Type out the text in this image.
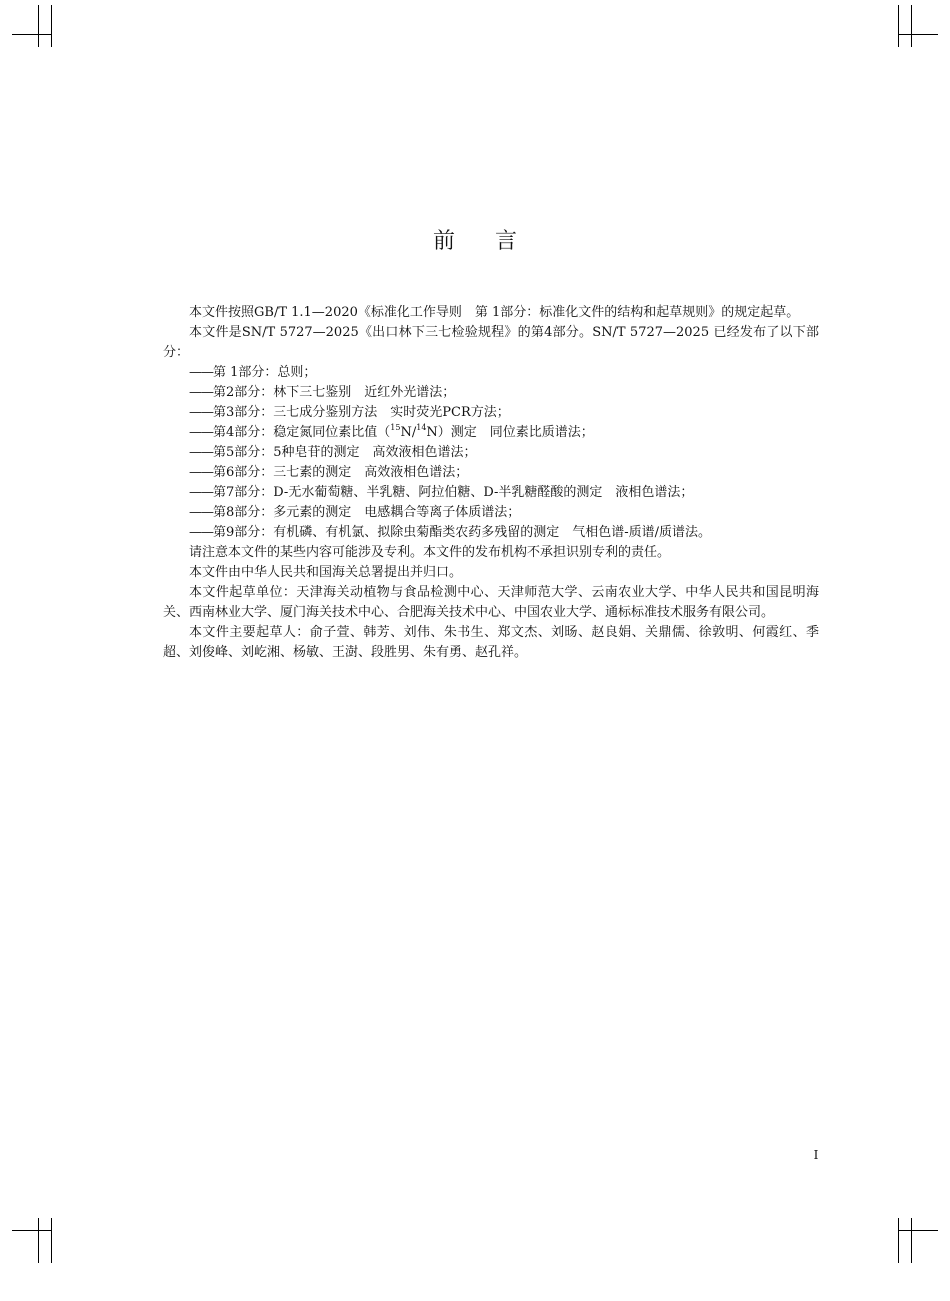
前 言

本文件按照GB/T 1.1—2020《标准化工作导则　第 1部分：标准化文件的结构和起草规则》的规定起草。

本文件是SN/T 5727—2025《出口林下三七检验规程》的第4部分。SN/T 5727—2025 已经发布了以下部分：

——第 1部分：总则；

——第2部分：林下三七鉴别　近红外光谱法；

——第3部分：三七成分鉴别方法　实时荧光PCR方法；

——第4部分：稳定氮同位素比值（$^{15}$N/$^{14}$N）测定　同位素比质谱法；

——第5部分：5种皂苷的测定　高效液相色谱法；

——第6部分：三七素的测定　高效液相色谱法；

——第7部分：D-无水葡萄糖、半乳糖、阿拉伯糖、D-半乳糖醛酸的测定　液相色谱法；

——第8部分：多元素的测定　电感耦合等离子体质谱法；

——第9部分：有机磷、有机氯、拟除虫菊酯类农药多残留的测定　气相色谱-质谱/质谱法。

请注意本文件的某些内容可能涉及专利。本文件的发布机构不承担识别专利的责任。

本文件由中华人民共和国海关总署提出并归口。

本文件起草单位：天津海关动植物与食品检测中心、天津师范大学、云南农业大学、中华人民共和国昆明海关、西南林业大学、厦门海关技术中心、合肥海关技术中心、中国农业大学、通标标准技术服务有限公司。

本文件主要起草人：俞子萱、韩芳、刘伟、朱书生、郑文杰、刘旸、赵良娟、关鼎儒、徐敦明、何霞红、季超、刘俊峰、刘屹湘、杨敏、王澍、段胜男、朱有勇、赵孔祥。

I
